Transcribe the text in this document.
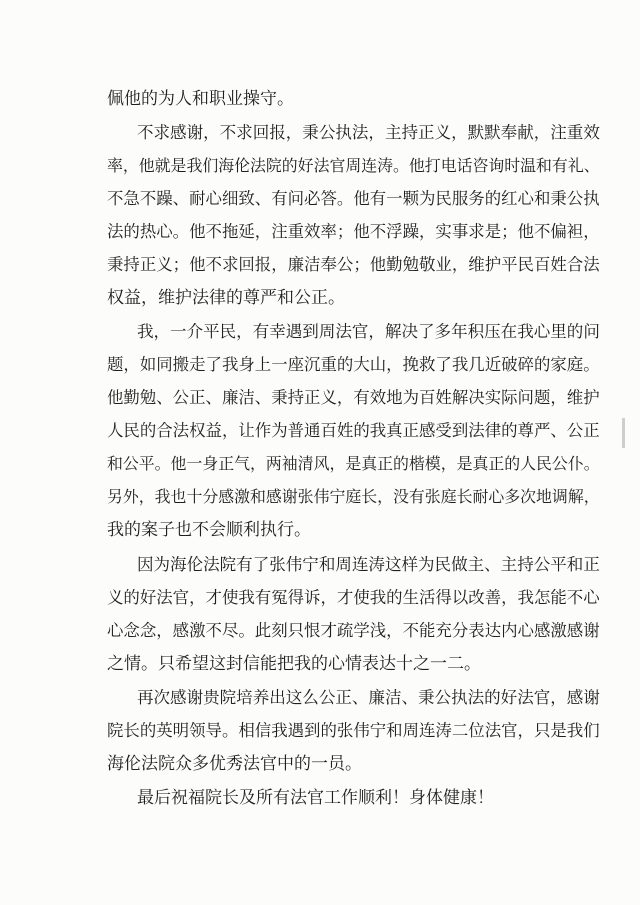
佩他的为人和职业操守。
不求感谢，不求回报，秉公执法，主持正义，默默奉献，注重效
率，他就是我们海伦法院的好法官周连涛。他打电话咨询时温和有礼、
不急不躁、耐心细致、有问必答。他有一颗为民服务的红心和秉公执
法的热心。他不拖延，注重效率；他不浮躁，实事求是；他不偏袒，
秉持正义；他不求回报，廉洁奉公；他勤勉敬业，维护平民百姓合法
权益，维护法律的尊严和公正。
我，一介平民，有幸遇到周法官，解决了多年积压在我心里的问
题，如同搬走了我身上一座沉重的大山，挽救了我几近破碎的家庭。
他勤勉、公正、廉洁、秉持正义，有效地为百姓解决实际问题，维护
人民的合法权益，让作为普通百姓的我真正感受到法律的尊严、公正
和公平。他一身正气，两袖清风，是真正的楷模，是真正的人民公仆。
另外，我也十分感激和感谢张伟宁庭长，没有张庭长耐心多次地调解，
我的案子也不会顺利执行。
因为海伦法院有了张伟宁和周连涛这样为民做主、主持公平和正
义的好法官，才使我有冤得诉，才使我的生活得以改善，我怎能不心
心念念，感激不尽。此刻只恨才疏学浅，不能充分表达内心感激感谢
之情。只希望这封信能把我的心情表达十之一二。
再次感谢贵院培养出这么公正、廉洁、秉公执法的好法官，感谢
院长的英明领导。相信我遇到的张伟宁和周连涛二位法官，只是我们
海伦法院众多优秀法官中的一员。
最后祝福院长及所有法官工作顺利！身体健康！
